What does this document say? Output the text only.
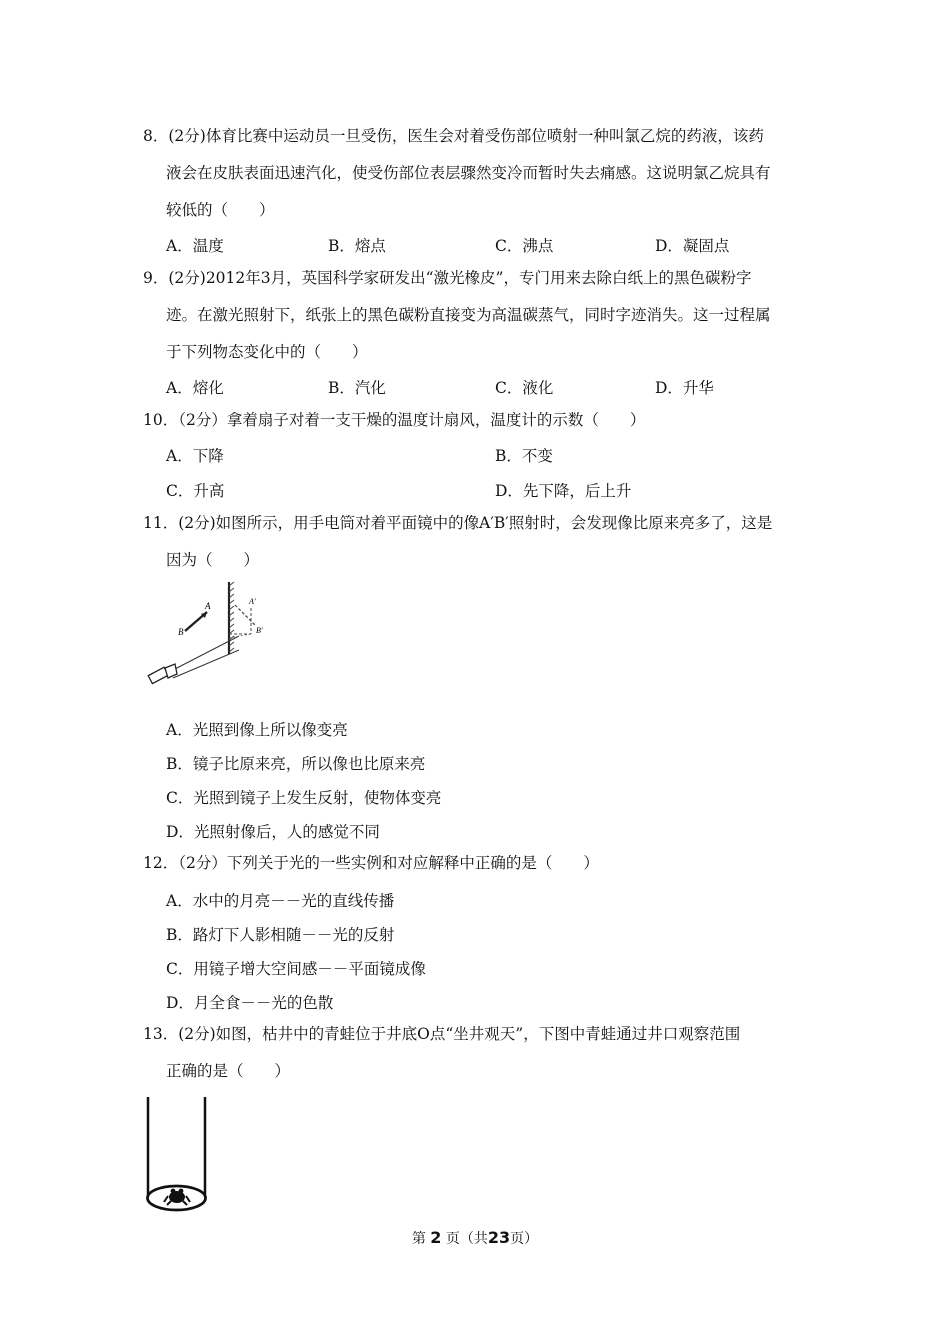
8．(2分)体育比赛中运动员一旦受伤，医生会对着受伤部位喷射一种叫氯乙烷的药液，该药
液会在皮肤表面迅速汽化，使受伤部位表层骤然变冷而暂时失去痛感。这说明氯乙烷具有
较低的（　　）
A．温度	B．熔点	C．沸点	D．凝固点
9．(2分)2012年3月，英国科学家研发出“激光橡皮”，专门用来去除白纸上的黑色碳粉字
迹。在激光照射下，纸张上的黑色碳粉直接变为高温碳蒸气，同时字迹消失。这一过程属
于下列物态变化中的（　　）
A．熔化	B．汽化	C．液化	D．升华
10．（2分）拿着扇子对着一支干燥的温度计扇风，温度计的示数（　　）
A．下降	B．不变
C．升高	D．先下降，后上升
11．(2分)如图所示，用手电筒对着平面镜中的像A′B′照射时，会发现像比原来亮多了，这是
因为（　　）
A
B
A′
B′
A．光照到像上所以像变亮
B．镜子比原来亮，所以像也比原来亮
C．光照到镜子上发生反射，使物体变亮
D．光照射像后，人的感觉不同
12．（2分）下列关于光的一些实例和对应解释中正确的是（　　）
A．水中的月亮－－光的直线传播
B．路灯下人影相随－－光的反射
C．用镜子增大空间感－－平面镜成像
D．月全食－－光的色散
13．(2分)如图，枯井中的青蛙位于井底O点“坐井观天”，下图中青蛙通过井口观察范围
正确的是（　　）
第 2 页（共23页）
